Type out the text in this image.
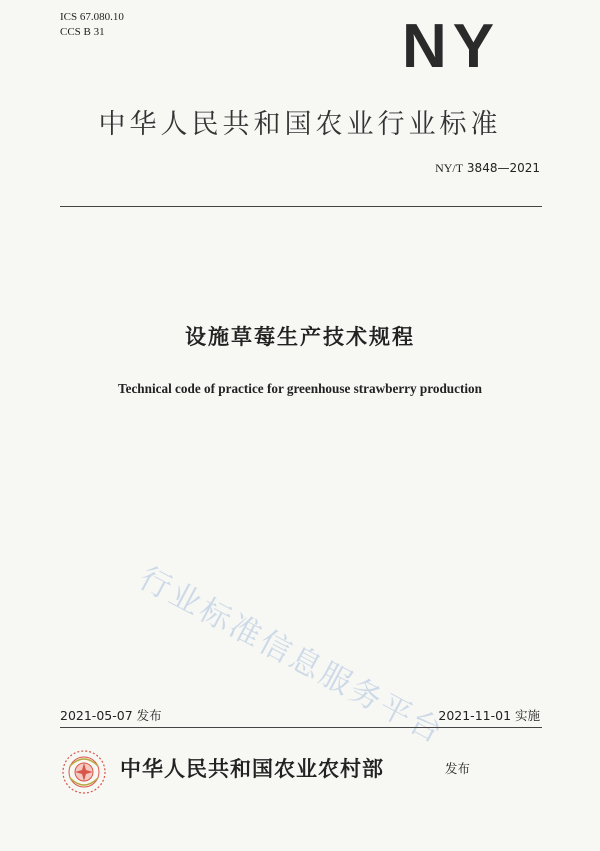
ICS 67.080.10
CCS B 31	NY
中华人民共和国农业行业标准
NY/T 3848—2021
设施草莓生产技术规程
Technical code of practice for greenhouse strawberry production
行业标准信息服务平台
2021-05-07 发布	2021-11-01 实施
中华人民共和国农业农村部	发布
